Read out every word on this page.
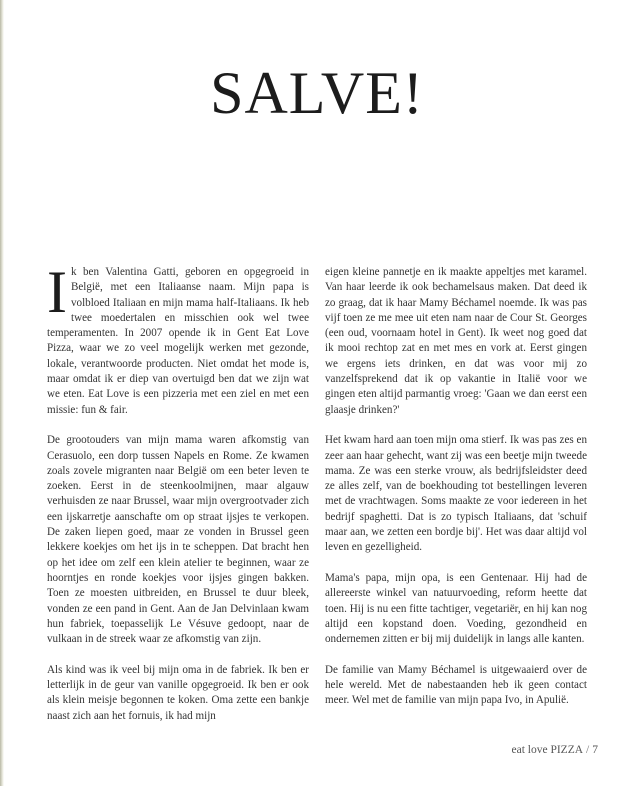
SALVE!

Ik ben Valentina Gatti, geboren en opgegroeid in België, met een Italiaanse naam. Mijn papa is volbloed Italiaan en mijn mama half-Italiaans. Ik heb twee moedertalen en misschien ook wel twee temperamenten. In 2007 opende ik in Gent Eat Love Pizza, waar we zo veel mogelijk werken met gezonde, lokale, verantwoorde producten. Niet omdat het mode is, maar omdat ik er diep van overtuigd ben dat we zijn wat we eten. Eat Love is een pizzeria met een ziel en met een missie: fun & fair.

De grootouders van mijn mama waren afkomstig van Cerasuolo, een dorp tussen Napels en Rome. Ze kwamen zoals zovele migranten naar België om een beter leven te zoeken. Eerst in de steenkoolmijnen, maar algauw verhuisden ze naar Brussel, waar mijn overgrootvader zich een ijskarretje aanschafte om op straat ijsjes te verkopen. De zaken liepen goed, maar ze vonden in Brussel geen lekkere koekjes om het ijs in te scheppen. Dat bracht hen op het idee om zelf een klein atelier te beginnen, waar ze hoorntjes en ronde koekjes voor ijsjes gingen bakken. Toen ze moesten uitbreiden, en Brussel te duur bleek, vonden ze een pand in Gent. Aan de Jan Delvinlaan kwam hun fabriek, toepasselijk Le Vésuve gedoopt, naar de vulkaan in de streek waar ze afkomstig van zijn.

Als kind was ik veel bij mijn oma in de fabriek. Ik ben er letterlijk in de geur van vanille opgegroeid. Ik ben er ook als klein meisje begonnen te koken. Oma zette een bankje naast zich aan het fornuis, ik had mijn

eigen kleine pannetje en ik maakte appeltjes met karamel. Van haar leerde ik ook bechamelsaus maken. Dat deed ik zo graag, dat ik haar Mamy Béchamel noemde. Ik was pas vijf toen ze me mee uit eten nam naar de Cour St. Georges (een oud, voornaam hotel in Gent). Ik weet nog goed dat ik mooi rechtop zat en met mes en vork at. Eerst gingen we ergens iets drinken, en dat was voor mij zo vanzelfsprekend dat ik op vakantie in Italië voor we gingen eten altijd parmantig vroeg: 'Gaan we dan eerst een glaasje drinken?'

Het kwam hard aan toen mijn oma stierf. Ik was pas zes en zeer aan haar gehecht, want zij was een beetje mijn tweede mama. Ze was een sterke vrouw, als bedrijfsleidster deed ze alles zelf, van de boekhouding tot bestellingen leveren met de vrachtwagen. Soms maakte ze voor iedereen in het bedrijf spaghetti. Dat is zo typisch Italiaans, dat 'schuif maar aan, we zetten een bordje bij'. Het was daar altijd vol leven en gezelligheid.

Mama's papa, mijn opa, is een Gentenaar. Hij had de allereerste winkel van natuurvoeding, reform heette dat toen. Hij is nu een fitte tachtiger, vegetariër, en hij kan nog altijd een kopstand doen. Voeding, gezondheid en ondernemen zitten er bij mij duidelijk in langs alle kanten.

De familie van Mamy Béchamel is uitgewaaierd over de hele wereld. Met de nabestaanden heb ik geen contact meer. Wel met de familie van mijn papa Ivo, in Apulië.

eat love PIZZA / 7
